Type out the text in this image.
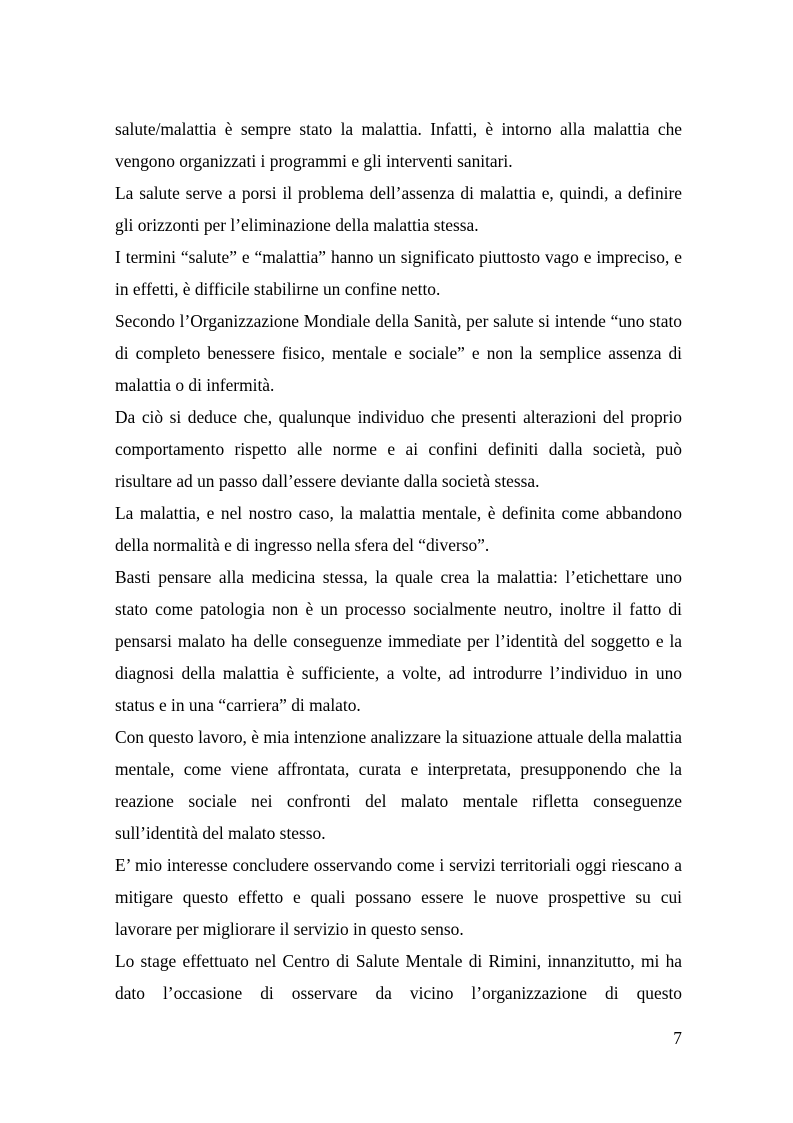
salute/malattia è sempre stato la malattia. Infatti, è intorno alla malattia che vengono organizzati i programmi e gli interventi sanitari.

La salute serve a porsi il problema dell’assenza di malattia e, quindi, a definire gli orizzonti per l’eliminazione della malattia stessa.

I termini “salute” e “malattia” hanno un significato piuttosto vago e impreciso, e in effetti, è difficile stabilirne un confine netto.

Secondo l’Organizzazione Mondiale della Sanità, per salute si intende “uno stato di completo benessere fisico, mentale e sociale” e non la semplice assenza di malattia o di infermità.

Da ciò si deduce che, qualunque individuo che presenti alterazioni del proprio comportamento rispetto alle norme e ai confini definiti dalla società, può risultare ad un passo dall’essere deviante dalla società stessa.

La malattia, e nel nostro caso, la malattia mentale, è definita come abbandono della normalità e di ingresso nella sfera del “diverso”.

Basti pensare alla medicina stessa, la quale crea la malattia: l’etichettare uno stato come patologia non è un processo socialmente neutro, inoltre il fatto di pensarsi malato ha delle conseguenze immediate per l’identità del soggetto e la diagnosi della malattia è sufficiente, a volte, ad introdurre l’individuo in uno status e in una “carriera” di malato.

Con questo lavoro, è mia intenzione analizzare la situazione attuale della malattia mentale, come viene affrontata, curata e interpretata, presupponendo che la reazione sociale nei confronti del malato mentale rifletta conseguenze sull’identità del malato stesso.

E’ mio interesse concludere osservando come i servizi territoriali oggi riescano a mitigare questo effetto e quali possano essere le nuove prospettive su cui lavorare per migliorare il servizio in questo senso.

Lo stage effettuato nel Centro di Salute Mentale di Rimini, innanzitutto, mi ha dato l’occasione di osservare da vicino l’organizzazione di questo

7
